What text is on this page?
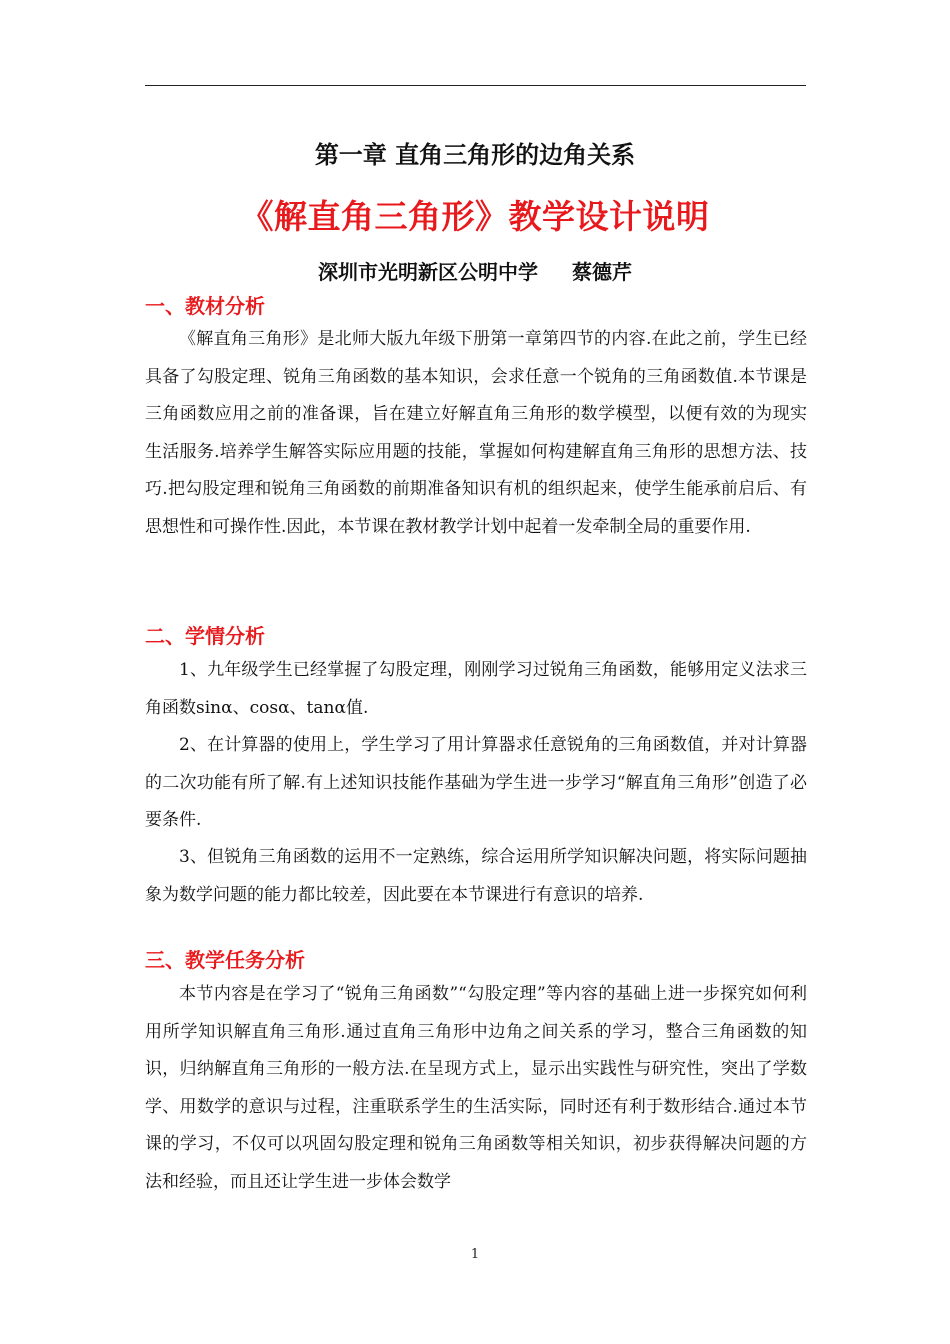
第一章 直角三角形的边角关系
《解直角三角形》教学设计说明
深圳市光明新区公明中学 蔡德芹
一、教材分析
《解直角三角形》是北师大版九年级下册第一章第四节的内容.在此之前，学生已经具备了勾股定理、锐角三角函数的基本知识，会求任意一个锐角的三角函数值.本节课是三角函数应用之前的准备课，旨在建立好解直角三角形的数学模型，以便有效的为现实生活服务.培养学生解答实际应用题的技能，掌握如何构建解直角三角形的思想方法、技巧.把勾股定理和锐角三角函数的前期准备知识有机的组织起来，使学生能承前启后、有思想性和可操作性.因此，本节课在教材教学计划中起着一发牵制全局的重要作用.
二、学情分析
1、九年级学生已经掌握了勾股定理，刚刚学习过锐角三角函数，能够用定义法求三角函数sinα、cosα、tanα值.
2、在计算器的使用上，学生学习了用计算器求任意锐角的三角函数值，并对计算器的二次功能有所了解.有上述知识技能作基础为学生进一步学习“解直角三角形”创造了必要条件.
3、但锐角三角函数的运用不一定熟练，综合运用所学知识解决问题，将实际问题抽象为数学问题的能力都比较差，因此要在本节课进行有意识的培养.
三、教学任务分析
本节内容是在学习了“锐角三角函数”“勾股定理”等内容的基础上进一步探究如何利用所学知识解直角三角形.通过直角三角形中边角之间关系的学习，整合三角函数的知识，归纳解直角三角形的一般方法.在呈现方式上，显示出实践性与研究性，突出了学数学、用数学的意识与过程，注重联系学生的生活实际，同时还有利于数形结合.通过本节课的学习，不仅可以巩固勾股定理和锐角三角函数等相关知识，初步获得解决问题的方法和经验，而且还让学生进一步体会数学
1
